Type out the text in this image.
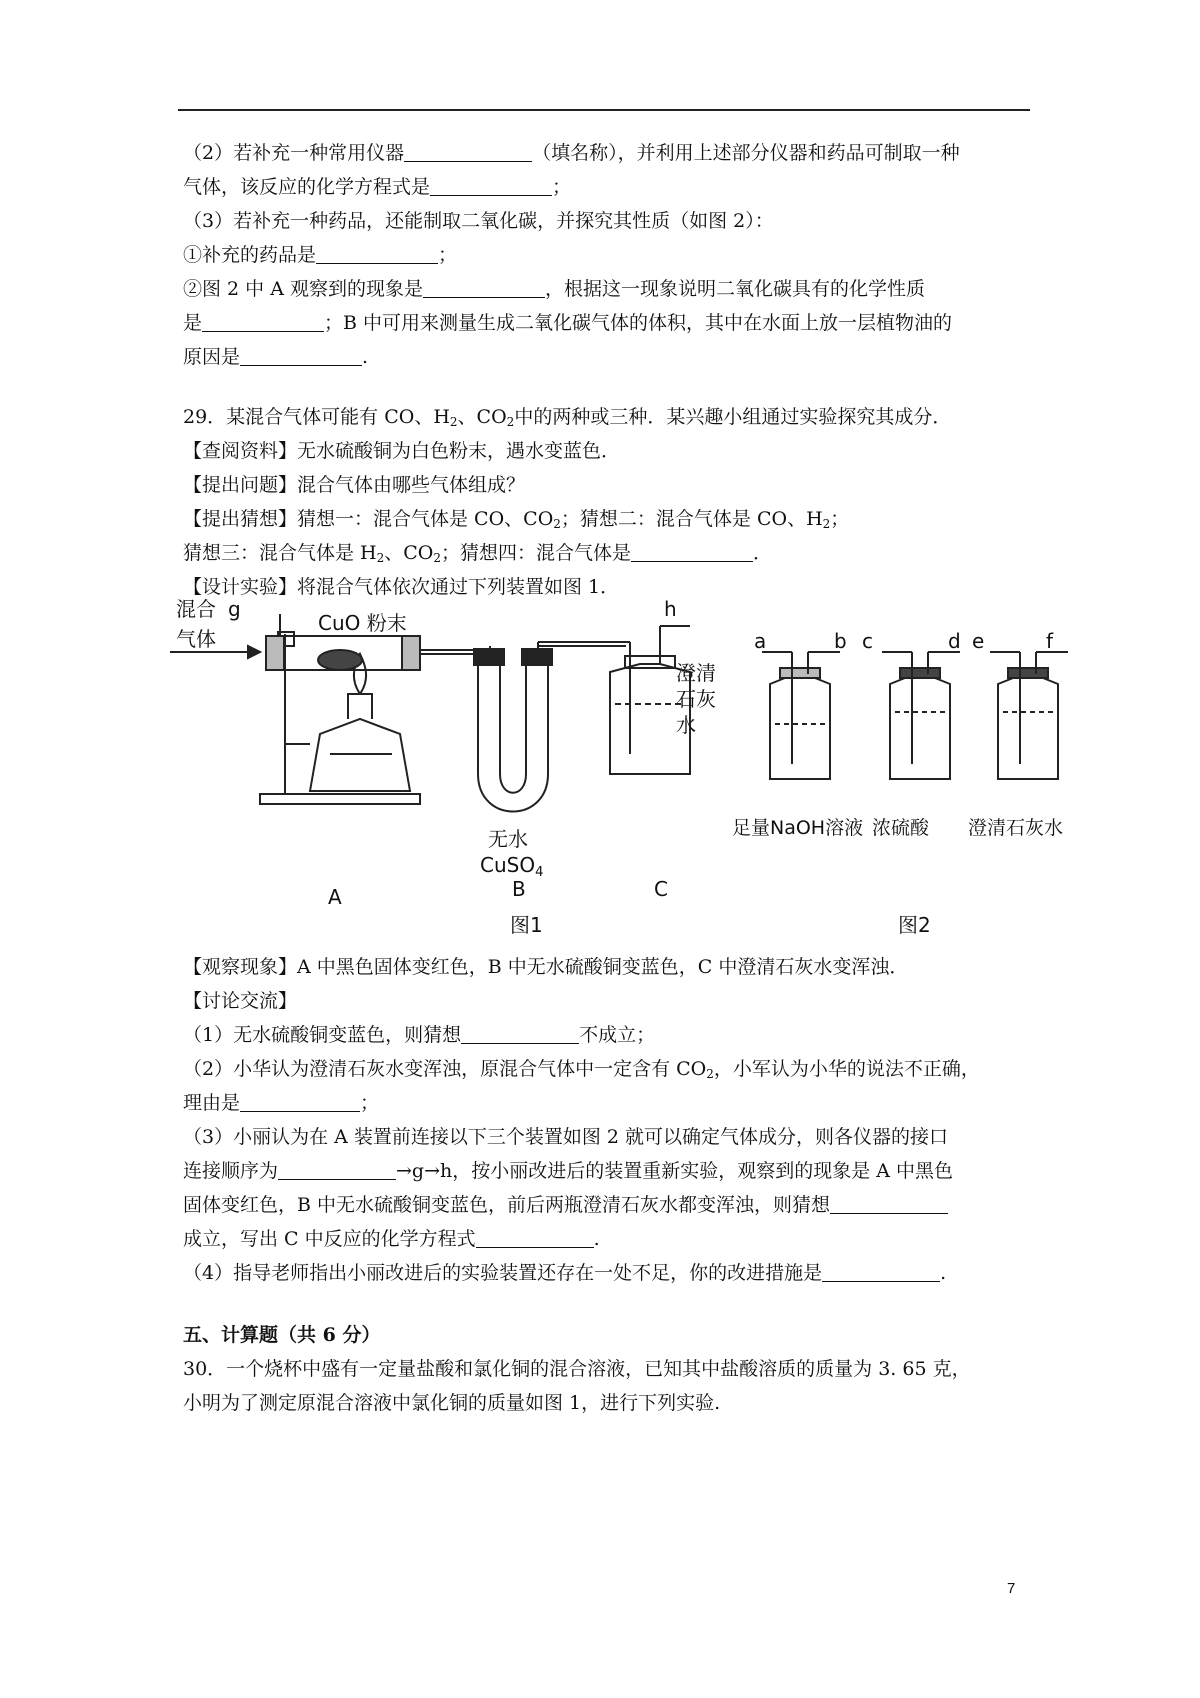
（2）若补充一种常用仪器	（填名称），并利用上述部分仪器和药品可制取一种
气体，该反应的化学方程式是	；
（3）若补充一种药品，还能制取二氧化碳，并探究其性质（如图 2）：
①补充的药品是	；
②图 2 中 A 观察到的现象是	，根据这一现象说明二氧化碳具有的化学性质
是	；B 中可用来测量生成二氧化碳气体的体积，其中在水面上放一层植物油的
原因是	.
29．某混合气体可能有 CO、$H_2$、$CO_2$中的两种或三种．某兴趣小组通过实验探究其成分．
【查阅资料】无水硫酸铜为白色粉末，遇水变蓝色．
【提出问题】混合气体由哪些气体组成？
【提出猜想】猜想一：混合气体是 CO、$CO_2$；猜想二：混合气体是 CO、$H_2$；
猜想三：混合气体是 $H_2$、$CO_2$；猜想四：混合气体是	．
【设计实验】将混合气体依次通过下列装置如图 1．
混合
气体
g
CuO 粉末
h
澄清
石灰
水
无水
CuSO$_4$
A	B	C
图1	图2
a	b c	d e	f
足量NaOH溶液 浓硫酸 澄清石灰水
【观察现象】A 中黑色固体变红色，B 中无水硫酸铜变蓝色，C 中澄清石灰水变浑浊．
【讨论交流】
（1）无水硫酸铜变蓝色，则猜想	不成立；
（2）小华认为澄清石灰水变浑浊，原混合气体中一定含有 $CO_2$，小军认为小华的说法不正确，
理由是	；
（3）小丽认为在 A 装置前连接以下三个装置如图 2 就可以确定气体成分，则各仪器的接口
连接顺序为	→g→h，按小丽改进后的装置重新实验，观察到的现象是 A 中黑色
固体变红色，B 中无水硫酸铜变蓝色，前后两瓶澄清石灰水都变浑浊，则猜想
成立，写出 C 中反应的化学方程式	.
（4）指导老师指出小丽改进后的实验装置还存在一处不足，你的改进措施是	.
五、计算题（共 6 分）
30．一个烧杯中盛有一定量盐酸和氯化铜的混合溶液，已知其中盐酸溶质的质量为 3. 65 克，
小明为了测定原混合溶液中氯化铜的质量如图 1，进行下列实验.
7
